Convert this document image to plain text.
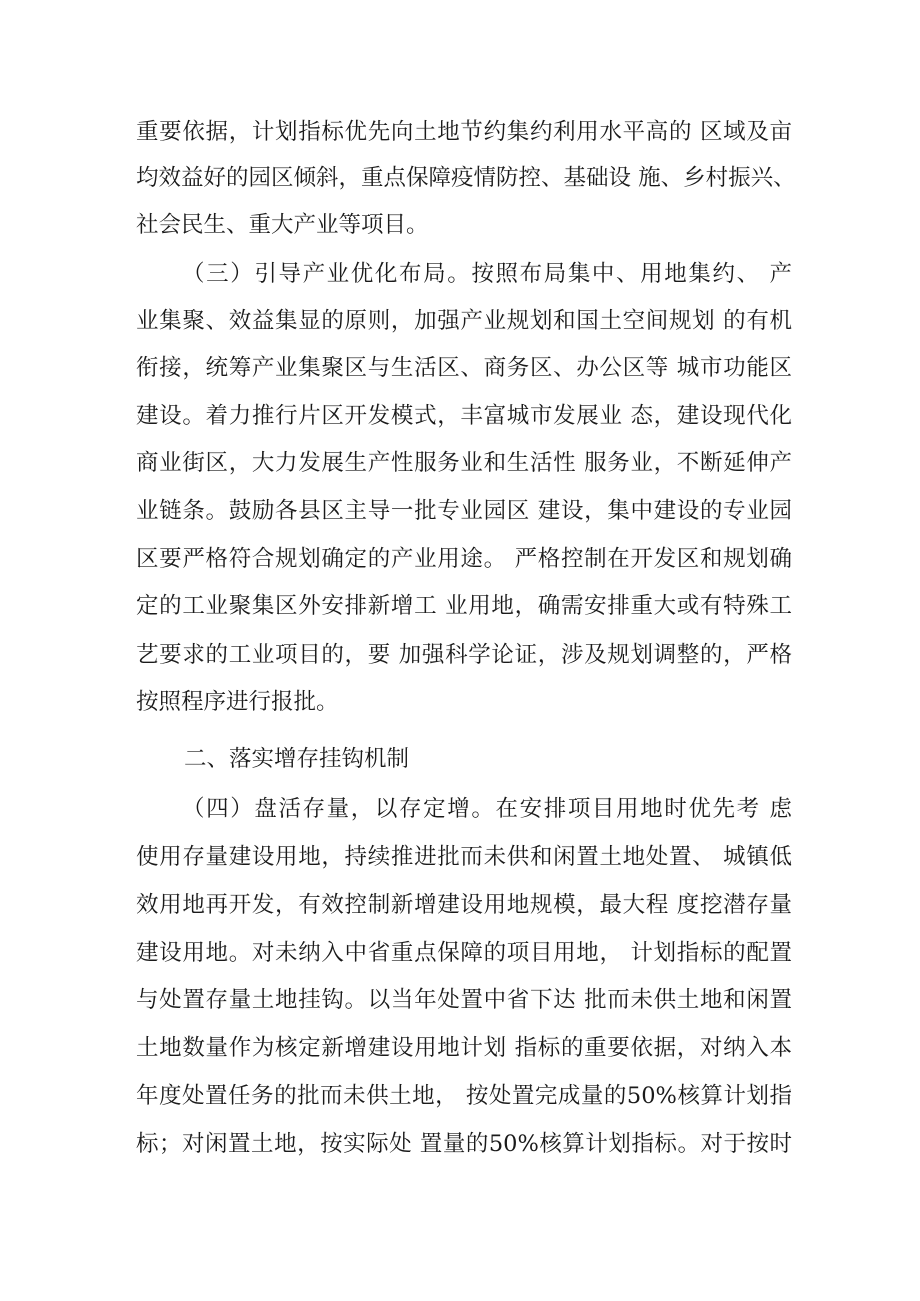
重要依据，计划指标优先向土地节约集约利用水平高的 区域及亩
均效益好的园区倾斜，重点保障疫情防控、基础设 施、乡村振兴、
社会民生、重大产业等项目。
（三）引导产业优化布局。按照布局集中、用地集约、 产
业集聚、效益集显的原则，加强产业规划和国土空间规划 的有机
衔接，统筹产业集聚区与生活区、商务区、办公区等 城市功能区
建设。着力推行片区开发模式，丰富城市发展业 态，建设现代化
商业街区，大力发展生产性服务业和生活性 服务业，不断延伸产
业链条。鼓励各县区主导一批专业园区 建设，集中建设的专业园
区要严格符合规划确定的产业用途。 严格控制在开发区和规划确
定的工业聚集区外安排新增工 业用地，确需安排重大或有特殊工
艺要求的工业项目的，要 加强科学论证，涉及规划调整的，严格
按照程序进行报批。
二、落实增存挂钩机制
（四）盘活存量，以存定增。在安排项目用地时优先考 虑
使用存量建设用地，持续推进批而未供和闲置土地处置、 城镇低
效用地再开发，有效控制新增建设用地规模，最大程 度挖潜存量
建设用地。对未纳入中省重点保障的项目用地， 计划指标的配置
与处置存量土地挂钩。以当年处置中省下达 批而未供土地和闲置
土地数量作为核定新增建设用地计划 指标的重要依据，对纳入本
年度处置任务的批而未供土地， 按处置完成量的50%核算计划指
标；对闲置土地，按实际处 置量的50%核算计划指标。对于按时
